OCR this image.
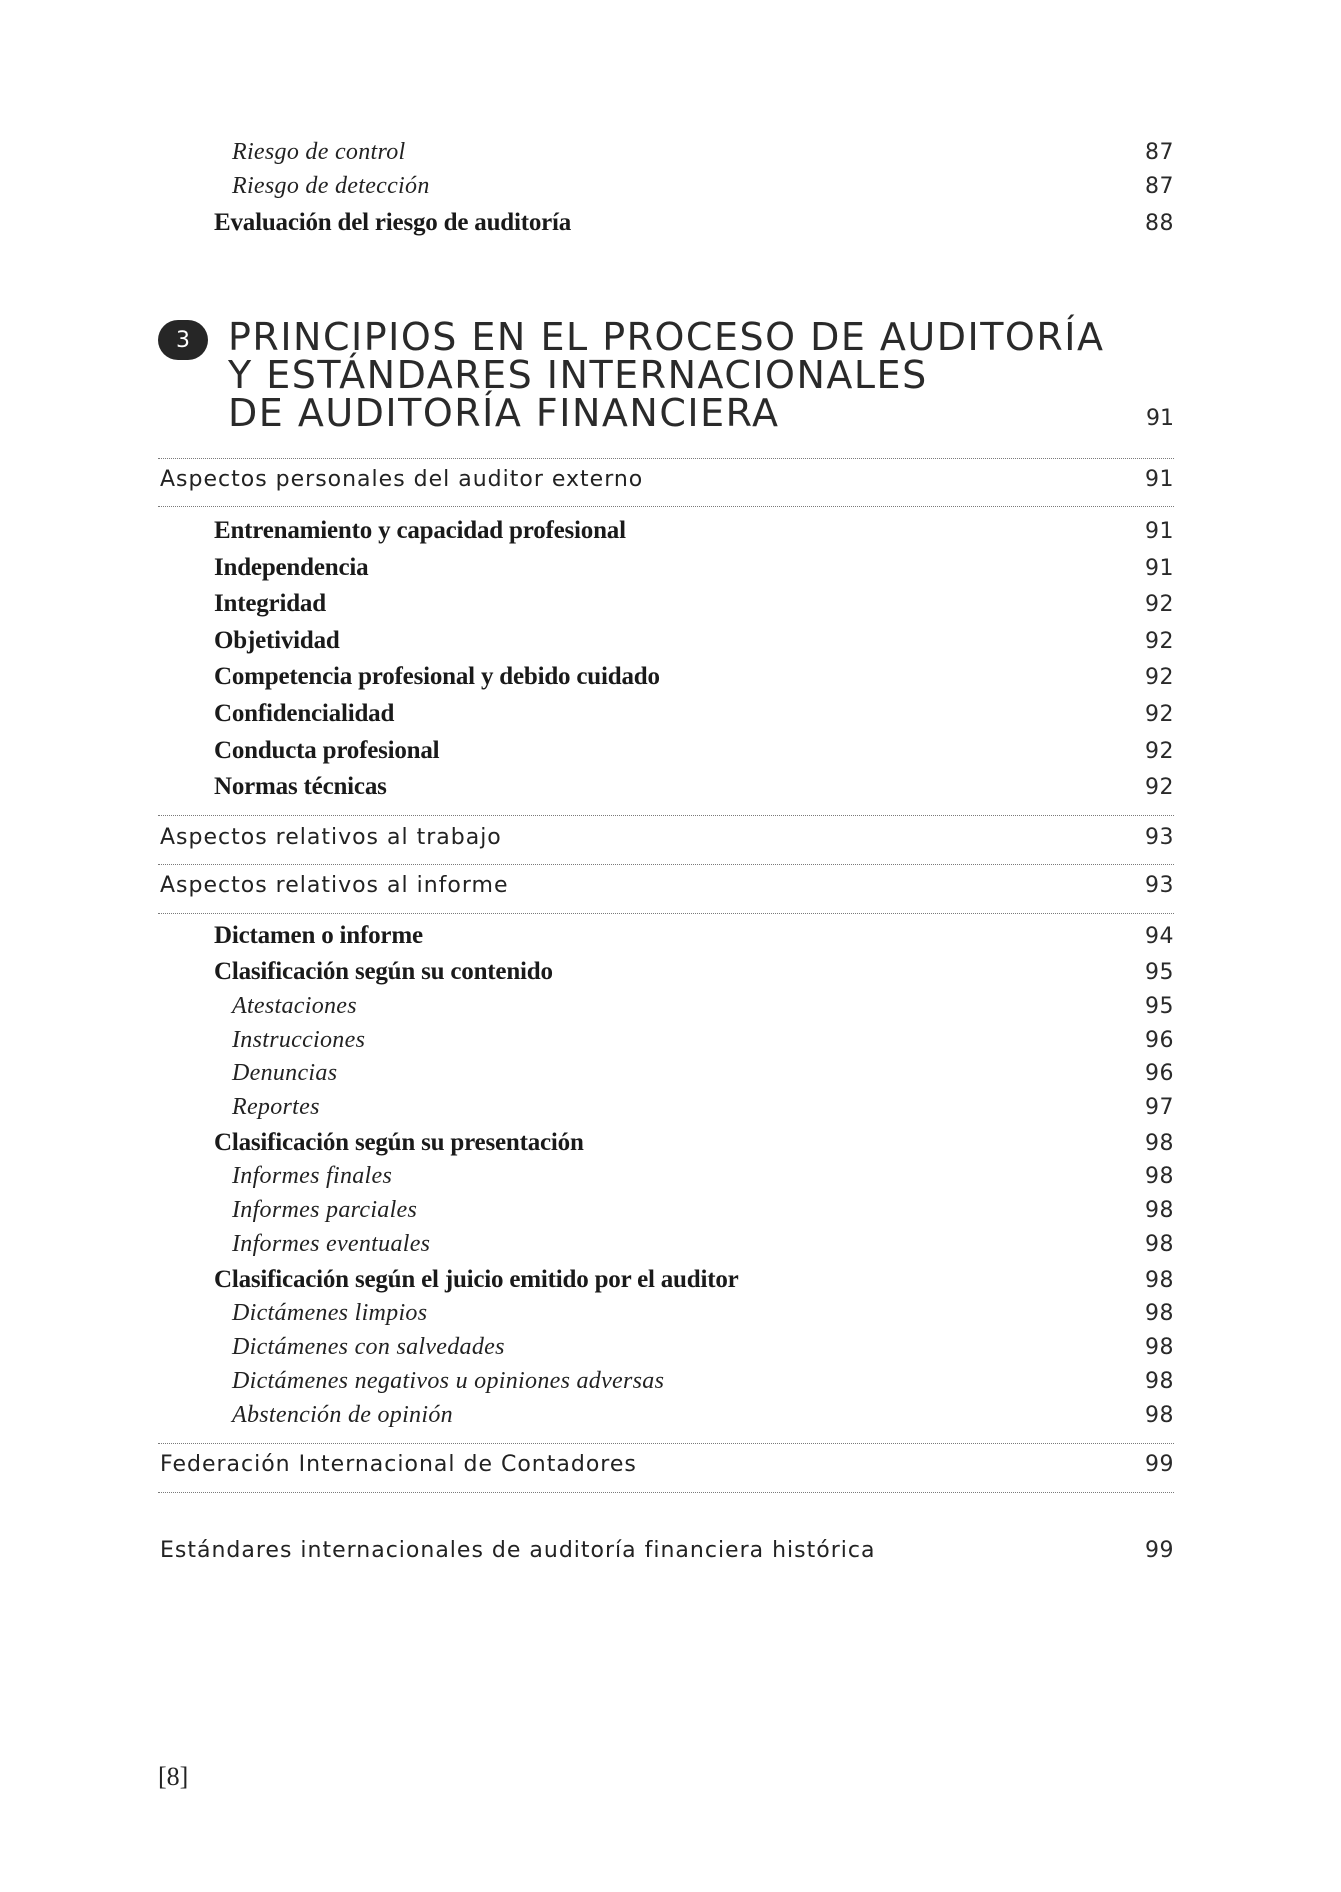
Riesgo de control	87
Riesgo de detección	87
Evaluación del riesgo de auditoría	88
3	PRINCIPIOS EN EL PROCESO DE AUDITORÍA
Y ESTÁNDARES INTERNACIONALES
DE AUDITORÍA FINANCIERA	91
Aspectos personales del auditor externo	91
Entrenamiento y capacidad profesional	91
Independencia	91
Integridad	92
Objetividad	92
Competencia profesional y debido cuidado	92
Confidencialidad	92
Conducta profesional	92
Normas técnicas	92
Aspectos relativos al trabajo	93
Aspectos relativos al informe	93
Dictamen o informe	94
Clasificación según su contenido	95
Atestaciones	95
Instrucciones	96
Denuncias	96
Reportes	97
Clasificación según su presentación	98
Informes finales	98
Informes parciales	98
Informes eventuales	98
Clasificación según el juicio emitido por el auditor	98
Dictámenes limpios	98
Dictámenes con salvedades	98
Dictámenes negativos u opiniones adversas	98
Abstención de opinión	98
Federación Internacional de Contadores	99
Estándares internacionales de auditoría financiera histórica	99
[8]
